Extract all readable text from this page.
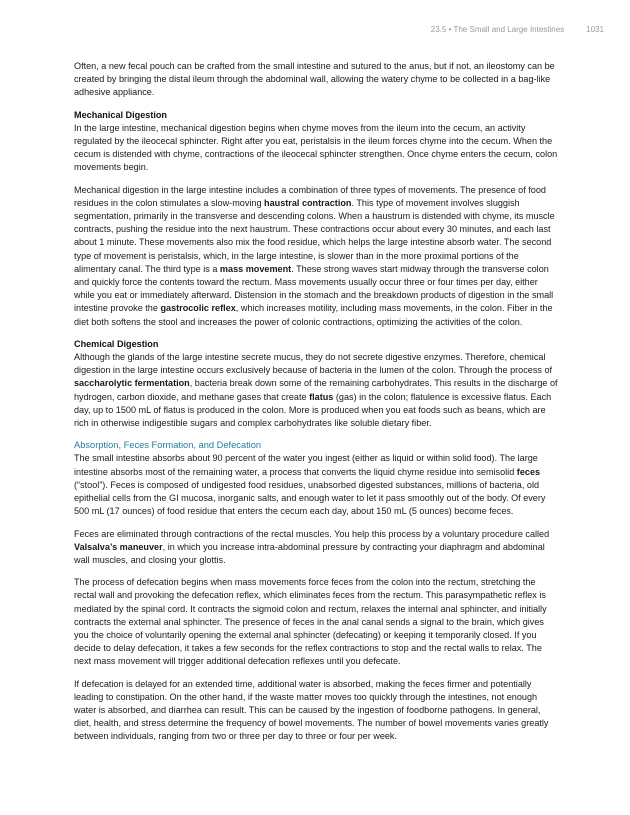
23.5 • The Small and Large Intestines	1031

Often, a new fecal pouch can be crafted from the small intestine and sutured to the anus, but if not, an ileostomy can be created by bringing the distal ileum through the abdominal wall, allowing the watery chyme to be collected in a bag-like adhesive appliance.

Mechanical Digestion

In the large intestine, mechanical digestion begins when chyme moves from the ileum into the cecum, an activity regulated by the ileocecal sphincter. Right after you eat, peristalsis in the ileum forces chyme into the cecum. When the cecum is distended with chyme, contractions of the ileocecal sphincter strengthen. Once chyme enters the cecum, colon movements begin.

Mechanical digestion in the large intestine includes a combination of three types of movements. The presence of food residues in the colon stimulates a slow-moving haustral contraction. This type of movement involves sluggish segmentation, primarily in the transverse and descending colons. When a haustrum is distended with chyme, its muscle contracts, pushing the residue into the next haustrum. These contractions occur about every 30 minutes, and each last about 1 minute. These movements also mix the food residue, which helps the large intestine absorb water. The second type of movement is peristalsis, which, in the large intestine, is slower than in the more proximal portions of the alimentary canal. The third type is a mass movement. These strong waves start midway through the transverse colon and quickly force the contents toward the rectum. Mass movements usually occur three or four times per day, either while you eat or immediately afterward. Distension in the stomach and the breakdown products of digestion in the small intestine provoke the gastrocolic reflex, which increases motility, including mass movements, in the colon. Fiber in the diet both softens the stool and increases the power of colonic contractions, optimizing the activities of the colon.

Chemical Digestion

Although the glands of the large intestine secrete mucus, they do not secrete digestive enzymes. Therefore, chemical digestion in the large intestine occurs exclusively because of bacteria in the lumen of the colon. Through the process of saccharolytic fermentation, bacteria break down some of the remaining carbohydrates. This results in the discharge of hydrogen, carbon dioxide, and methane gases that create flatus (gas) in the colon; flatulence is excessive flatus. Each day, up to 1500 mL of flatus is produced in the colon. More is produced when you eat foods such as beans, which are rich in otherwise indigestible sugars and complex carbohydrates like soluble dietary fiber.

Absorption, Feces Formation, and Defecation

The small intestine absorbs about 90 percent of the water you ingest (either as liquid or within solid food). The large intestine absorbs most of the remaining water, a process that converts the liquid chyme residue into semisolid feces (“stool”). Feces is composed of undigested food residues, unabsorbed digested substances, millions of bacteria, old epithelial cells from the GI mucosa, inorganic salts, and enough water to let it pass smoothly out of the body. Of every 500 mL (17 ounces) of food residue that enters the cecum each day, about 150 mL (5 ounces) become feces.

Feces are eliminated through contractions of the rectal muscles. You help this process by a voluntary procedure called Valsalva’s maneuver, in which you increase intra-abdominal pressure by contracting your diaphragm and abdominal wall muscles, and closing your glottis.

The process of defecation begins when mass movements force feces from the colon into the rectum, stretching the rectal wall and provoking the defecation reflex, which eliminates feces from the rectum. This parasympathetic reflex is mediated by the spinal cord. It contracts the sigmoid colon and rectum, relaxes the internal anal sphincter, and initially contracts the external anal sphincter. The presence of feces in the anal canal sends a signal to the brain, which gives you the choice of voluntarily opening the external anal sphincter (defecating) or keeping it temporarily closed. If you decide to delay defecation, it takes a few seconds for the reflex contractions to stop and the rectal walls to relax. The next mass movement will trigger additional defecation reflexes until you defecate.

If defecation is delayed for an extended time, additional water is absorbed, making the feces firmer and potentially leading to constipation. On the other hand, if the waste matter moves too quickly through the intestines, not enough water is absorbed, and diarrhea can result. This can be caused by the ingestion of foodborne pathogens. In general, diet, health, and stress determine the frequency of bowel movements. The number of bowel movements varies greatly between individuals, ranging from two or three per day to three or four per week.
